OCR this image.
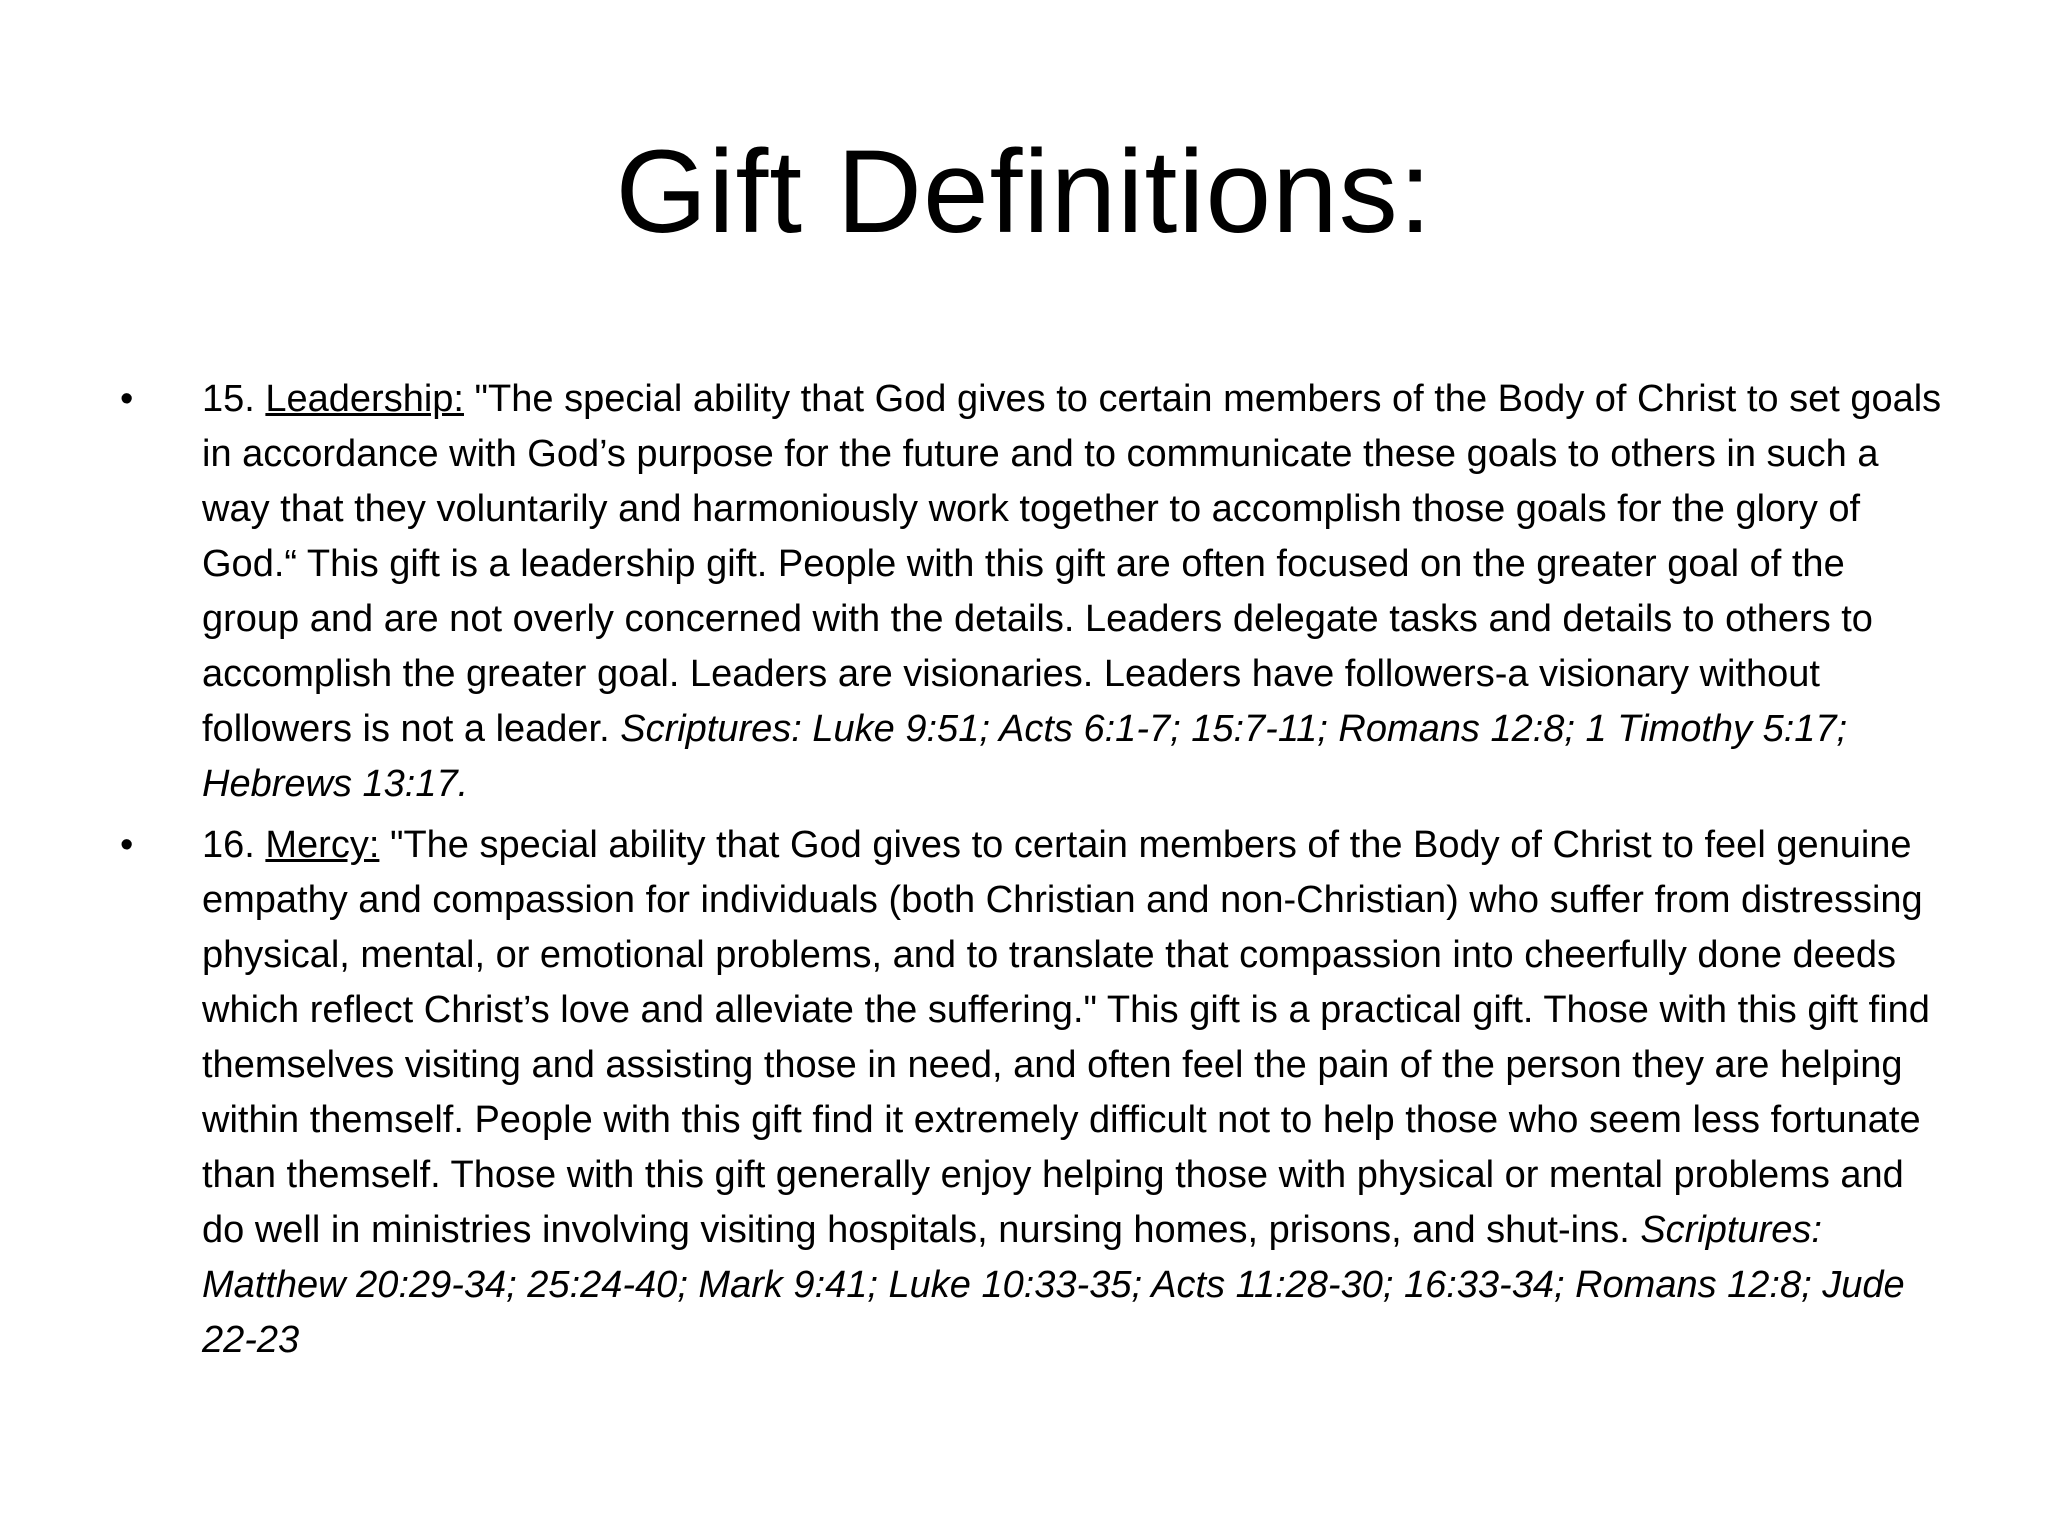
Gift Definitions:
•	15. Leadership: "The special ability that God gives to certain members of the Body of Christ to set goals in accordance with God’s purpose for the future and to communicate these goals to others in such a way that they voluntarily and harmoniously work together to accomplish those goals for the glory of God.“ This gift is a leadership gift. People with this gift are often focused on the greater goal of the group and are not overly concerned with the details. Leaders delegate tasks and details to others to accomplish the greater goal. Leaders are visionaries. Leaders have followers-a visionary without followers is not a leader. Scriptures: Luke 9:51; Acts 6:1-7; 15:7-11; Romans 12:8; 1 Timothy 5:17; Hebrews 13:17.
•	16. Mercy: "The special ability that God gives to certain members of the Body of Christ to feel genuine empathy and compassion for individuals (both Christian and non-Christian) who suffer from distressing physical, mental, or emotional problems, and to translate that compassion into cheerfully done deeds which reflect Christ’s love and alleviate the suffering." This gift is a practical gift. Those with this gift find themselves visiting and assisting those in need, and often feel the pain of the person they are helping within themself. People with this gift find it extremely difficult not to help those who seem less fortunate than themself. Those with this gift generally enjoy helping those with physical or mental problems and do well in ministries involving visiting hospitals, nursing homes, prisons, and shut-ins. Scriptures: Matthew 20:29-34; 25:24-40; Mark 9:41; Luke 10:33-35; Acts 11:28-30; 16:33-34; Romans 12:8; Jude 22-23
